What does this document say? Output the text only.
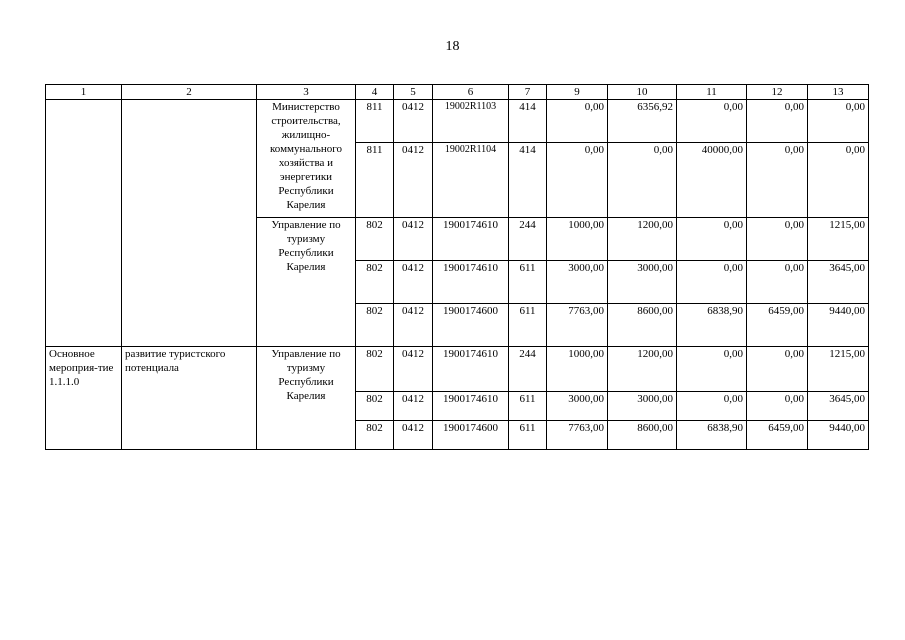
18
1	2	3	4	5	6	7	9	10	11	12	13
		Министерство строительства, жилищно-коммунального хозяйства и энергетики Республики Карелия	811	0412	19002R1103	414	0,00	6356,92	0,00	0,00	0,00
			811	0412	19002R1104	414	0,00	0,00	40000,00	0,00	0,00
		Управление по туризму Республики Карелия	802	0412	1900174610	244	1000,00	1200,00	0,00	0,00	1215,00
			802	0412	1900174610	611	3000,00	3000,00	0,00	0,00	3645,00
			802	0412	1900174600	611	7763,00	8600,00	6838,90	6459,00	9440,00
Основное мероприя-тие 1.1.1.0	развитие туристского потенциала	Управление по туризму Республики Карелия	802	0412	1900174610	244	1000,00	1200,00	0,00	0,00	1215,00
			802	0412	1900174610	611	3000,00	3000,00	0,00	0,00	3645,00
			802	0412	1900174600	611	7763,00	8600,00	6838,90	6459,00	9440,00
